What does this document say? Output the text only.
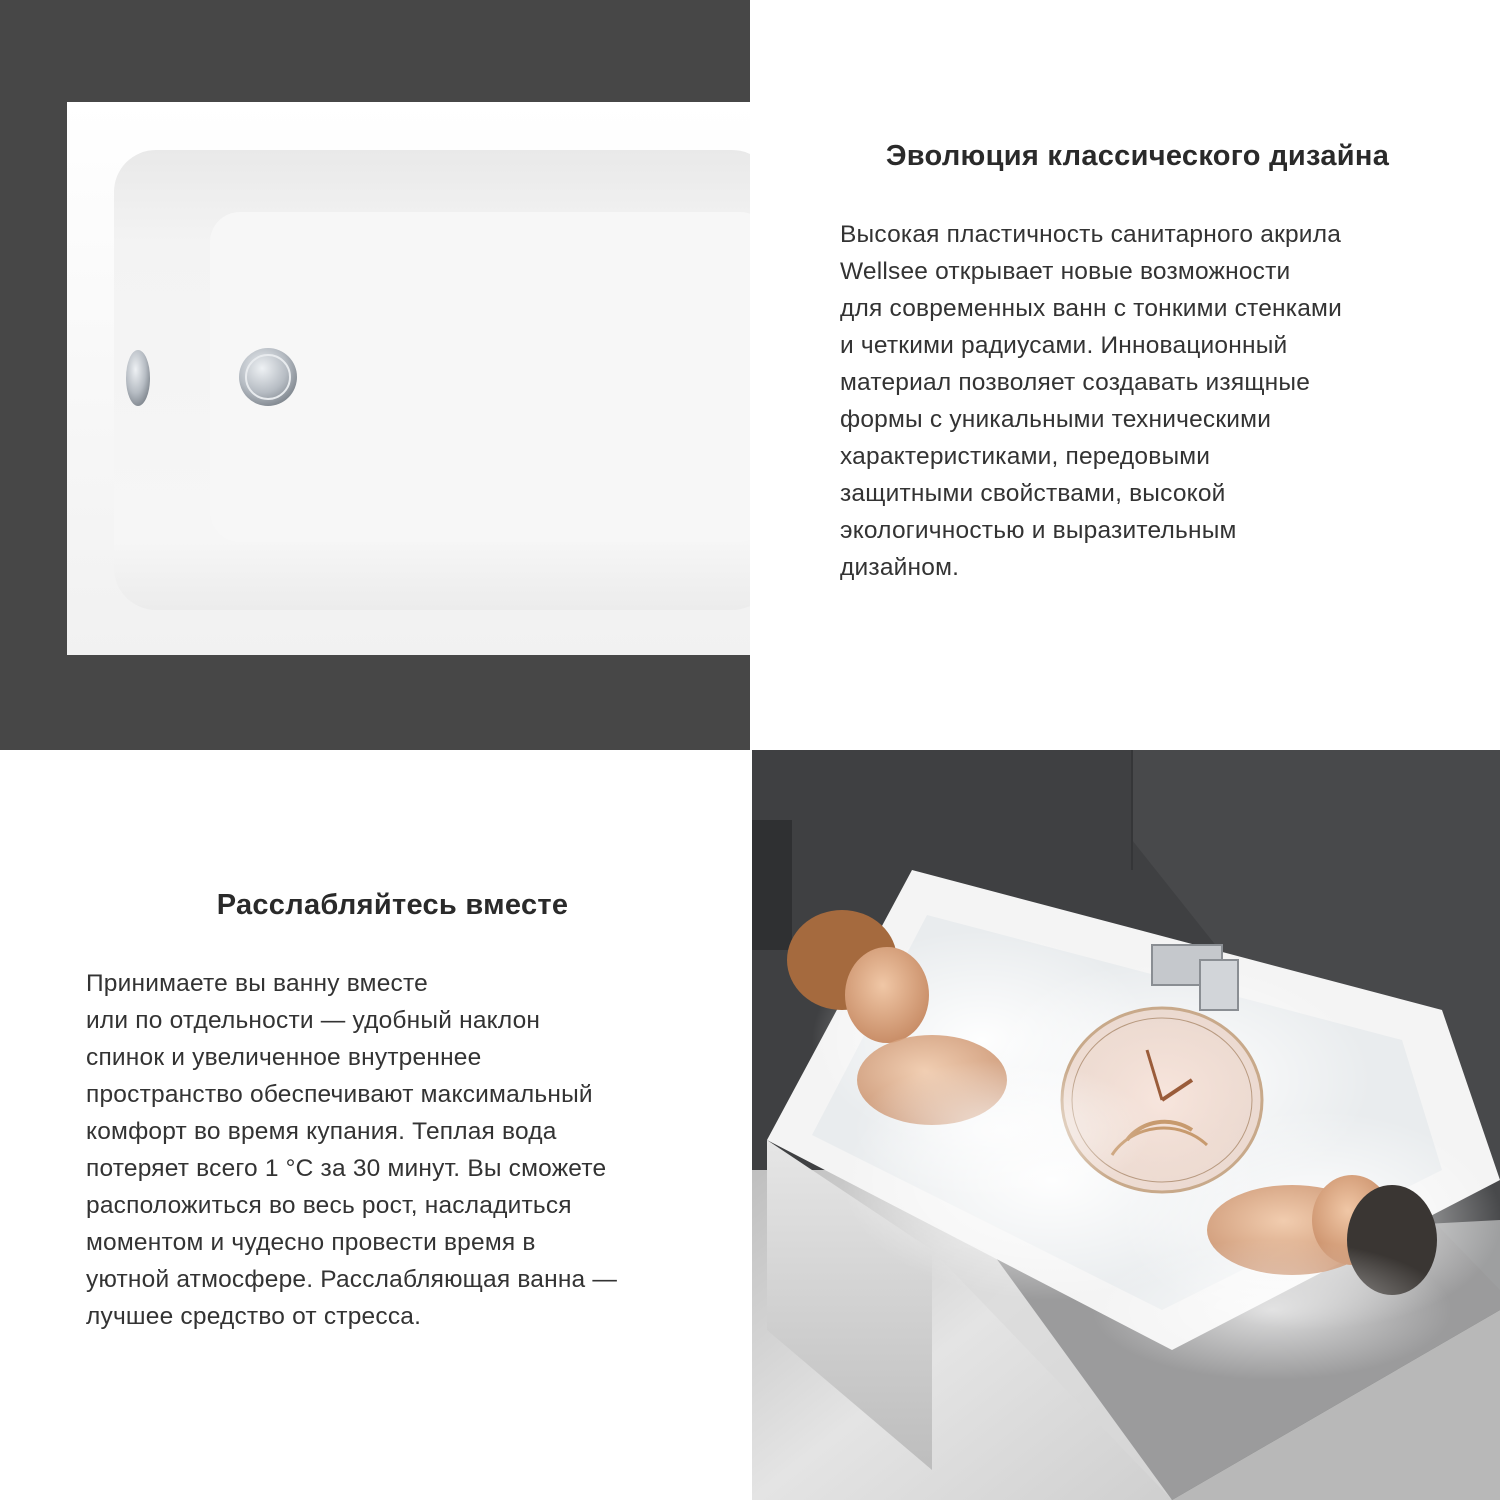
Эволюция классического дизайна

Высокая пластичность санитарного акрила
Wellsee открывает новые возможности
для современных ванн с тонкими стенками
и четкими радиусами. Инновационный
материал позволяет создавать изящные
формы с уникальными техническими
характеристиками, передовыми
защитными свойствами, высокой
экологичностью и выразительным
дизайном.

Расслабляйтесь вместе

Принимаете вы ванну вместе
или по отдельности — удобный наклон
спинок и увеличенное внутреннее
пространство обеспечивают максимальный
комфорт во время купания. Теплая вода
потеряет всего 1 °C за 30 минут. Вы сможете
расположиться во весь рост, насладиться
моментом и чудесно провести время в
уютной атмосфере. Расслабляющая ванна —
лучшее средство от стресса.
